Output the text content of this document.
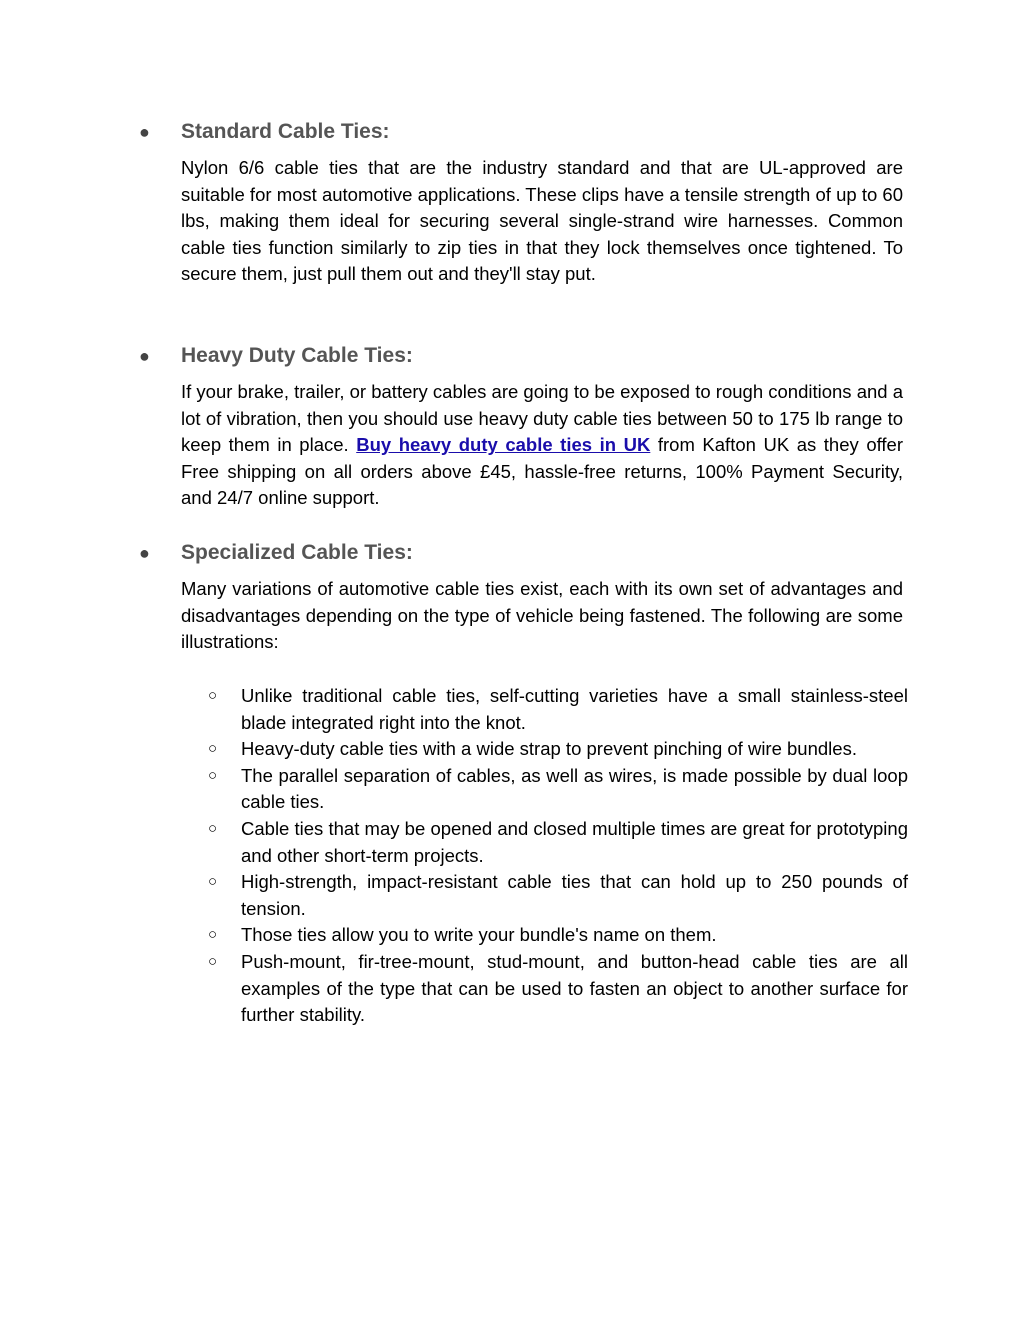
●	Standard Cable Ties:

Nylon 6/6 cable ties that are the industry standard and that are UL-approved are suitable for most automotive applications. These clips have a tensile strength of up to 60 lbs, making them ideal for securing several single-strand wire harnesses. Common cable ties function similarly to zip ties in that they lock themselves once tightened. To secure them, just pull them out and they'll stay put.

●	Heavy Duty Cable Ties:

If your brake, trailer, or battery cables are going to be exposed to rough conditions and a lot of vibration, then you should use heavy duty cable ties between 50 to 175 lb range to keep them in place. Buy heavy duty cable ties in UK from Kafton UK as they offer Free shipping on all orders above £45, hassle-free returns, 100% Payment Security, and 24/7 online support.

●	Specialized Cable Ties:

Many variations of automotive cable ties exist, each with its own set of advantages and disadvantages depending on the type of vehicle being fastened. The following are some illustrations:

○ Unlike traditional cable ties, self-cutting varieties have a small stainless-steel blade integrated right into the knot.
○ Heavy-duty cable ties with a wide strap to prevent pinching of wire bundles.
○ The parallel separation of cables, as well as wires, is made possible by dual loop cable ties.
○ Cable ties that may be opened and closed multiple times are great for prototyping and other short-term projects.
○ High-strength, impact-resistant cable ties that can hold up to 250 pounds of tension.
○ Those ties allow you to write your bundle's name on them.
○ Push-mount, fir-tree-mount, stud-mount, and button-head cable ties are all examples of the type that can be used to fasten an object to another surface for further stability.
